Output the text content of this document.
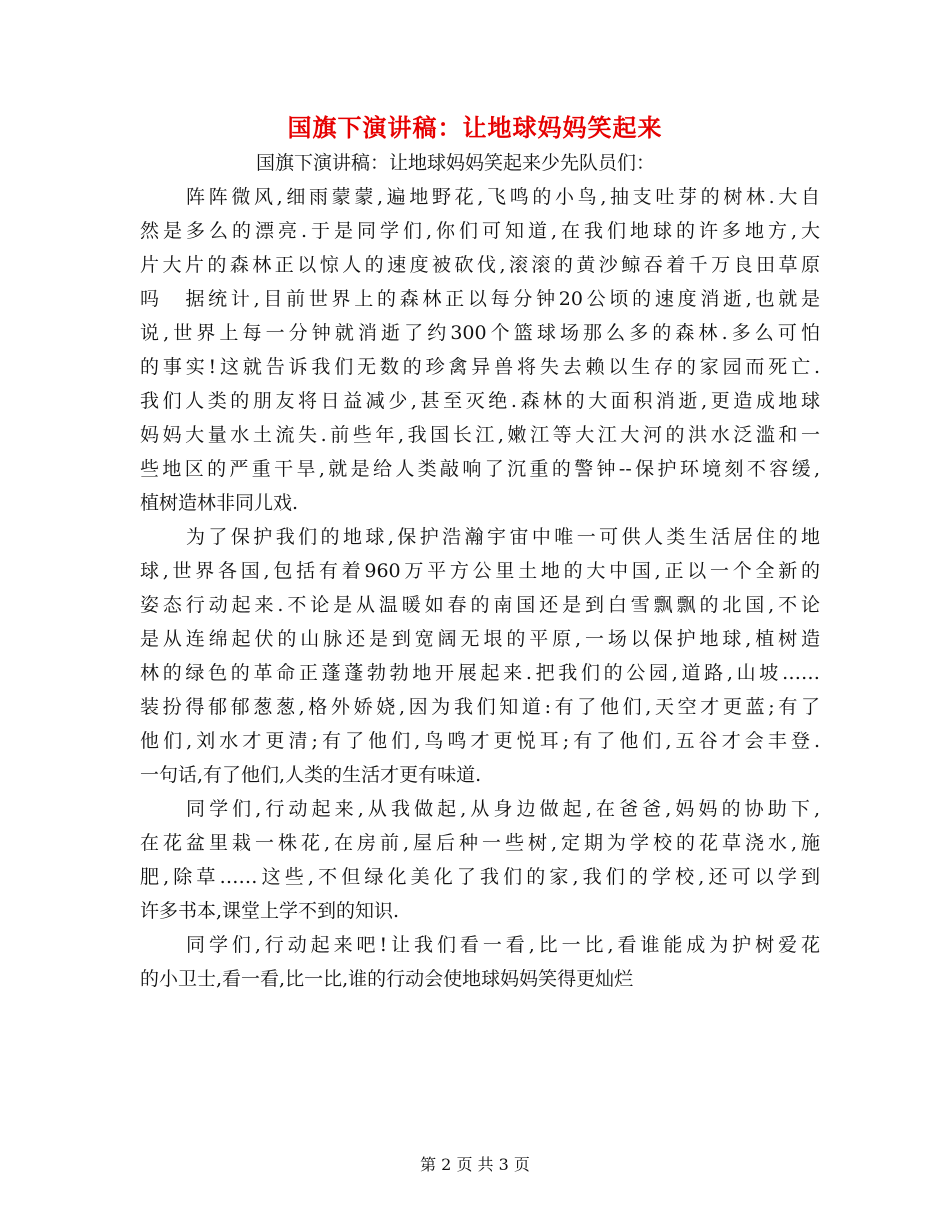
国旗下演讲稿：让地球妈妈笑起来
国旗下演讲稿：让地球妈妈笑起来少先队员们：
阵阵微风,细雨蒙蒙,遍地野花,飞鸣的小鸟,抽支吐芽的树林.大自
然是多么的漂亮.于是同学们,你们可知道,在我们地球的许多地方,大
片大片的森林正以惊人的速度被砍伐,滚滚的黄沙鲸吞着千万良田草原
吗　据统计,目前世界上的森林正以每分钟20公顷的速度消逝,也就是
说,世界上每一分钟就消逝了约300个篮球场那么多的森林.多么可怕
的事实!这就告诉我们无数的珍禽异兽将失去赖以生存的家园而死亡.
我们人类的朋友将日益减少,甚至灭绝.森林的大面积消逝,更造成地球
妈妈大量水土流失.前些年,我国长江,嫩江等大江大河的洪水泛滥和一
些地区的严重干旱,就是给人类敲响了沉重的警钟--保护环境刻不容缓,
植树造林非同儿戏.
为了保护我们的地球,保护浩瀚宇宙中唯一可供人类生活居住的地
球,世界各国,包括有着960万平方公里土地的大中国,正以一个全新的
姿态行动起来.不论是从温暖如春的南国还是到白雪飘飘的北国,不论
是从连绵起伏的山脉还是到宽阔无垠的平原,一场以保护地球,植树造
林的绿色的革命正蓬蓬勃勃地开展起来.把我们的公园,道路,山坡……
装扮得郁郁葱葱,格外娇娆,因为我们知道:有了他们,天空才更蓝;有了
他们,刘水才更清;有了他们,鸟鸣才更悦耳;有了他们,五谷才会丰登.
一句话,有了他们,人类的生活才更有味道.
同学们,行动起来,从我做起,从身边做起,在爸爸,妈妈的协助下,
在花盆里栽一株花,在房前,屋后种一些树,定期为学校的花草浇水,施
肥,除草……这些,不但绿化美化了我们的家,我们的学校,还可以学到
许多书本,课堂上学不到的知识.
同学们,行动起来吧!让我们看一看,比一比,看谁能成为护树爱花
的小卫士,看一看,比一比,谁的行动会使地球妈妈笑得更灿烂
第 2 页 共 3 页
